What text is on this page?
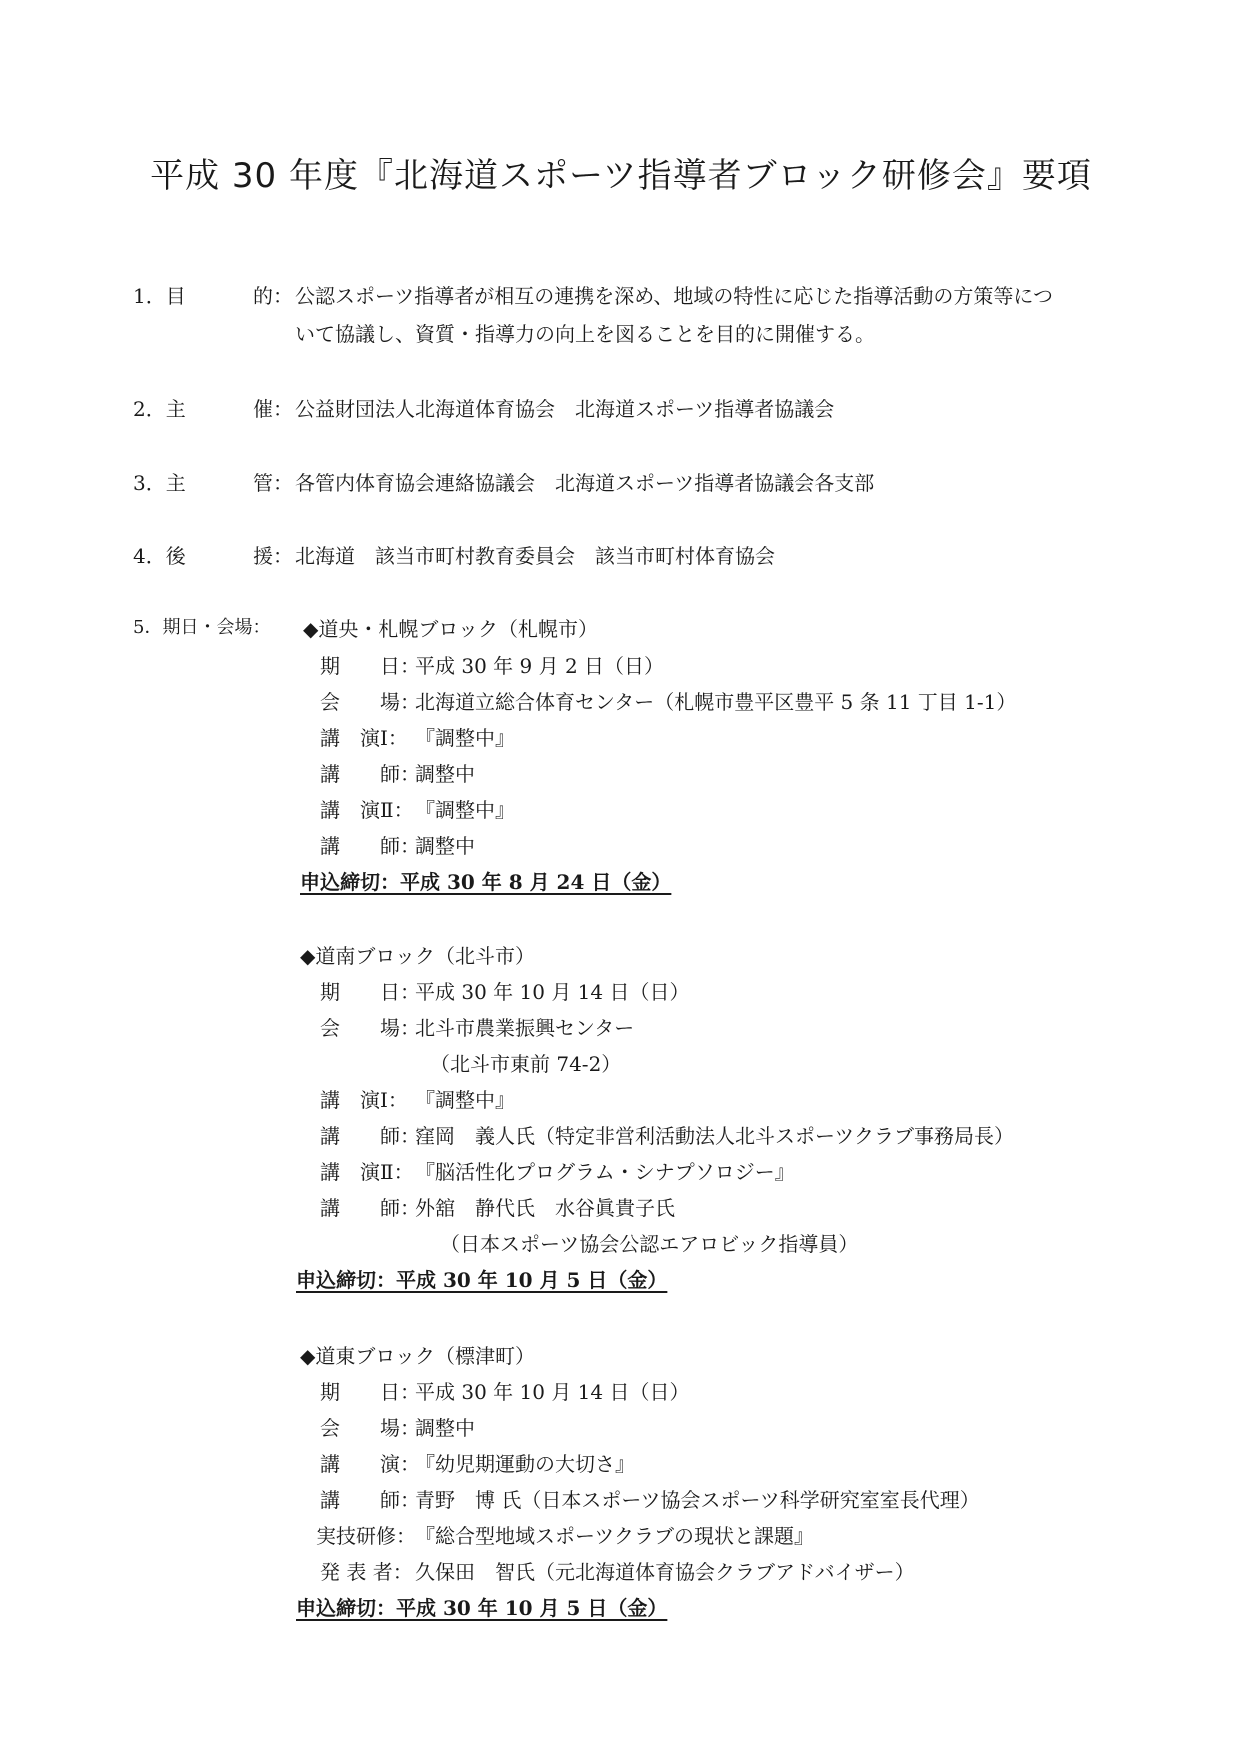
平成 30 年度『北海道スポーツ指導者ブロック研修会』要項
1．目	的： 公認スポーツ指導者が相互の連携を深め、地域の特性に応じた指導活動の方策等につ
いて協議し、資質・指導力の向上を図ることを目的に開催する。
2．主	催： 公益財団法人北海道体育協会　北海道スポーツ指導者協議会
3．主	管： 各管内体育協会連絡協議会　北海道スポーツ指導者協議会各支部
4．後	援： 北海道　該当市町村教育委員会　該当市町村体育協会
5．期日・会場： ◆道央・札幌ブロック（札幌市）
期　　日：
平成 30 年 9 月 2 日（日）
会　　場：
北海道立総合体育センター（札幌市豊平区豊平 5 条 11 丁目 1-1）
講　演Ⅰ： 『調整中』
講　　師：
調整中
講　演Ⅱ： 『調整中』
講　　師：
調整中
申込締切：平成 30 年 8 月 24 日（金）
◆道南ブロック（北斗市）
期　　日：
平成 30 年 10 月 14 日（日）
会　　場：
北斗市農業振興センター
（北斗市東前 74-2）
講　演Ⅰ： 『調整中』
講　　師：
窪岡　義人氏（特定非営利活動法人北斗スポーツクラブ事務局長）
講　演Ⅱ： 『脳活性化プログラム・シナプソロジー』
講　　師：
外舘　静代氏　水谷眞貴子氏
（日本スポーツ協会公認エアロビック指導員）
申込締切：平成 30 年 10 月 5 日（金）
◆道東ブロック（標津町）
期　　日：
平成 30 年 10 月 14 日（日）
会　　場：
調整中
講　　演：
『幼児期運動の大切さ』
講　　師：
青野　博 氏（日本スポーツ協会スポーツ科学研究室室長代理）
実技研修： 『総合型地域スポーツクラブの現状と課題』
発 表 者： 久保田　智氏（元北海道体育協会クラブアドバイザー）
申込締切：平成 30 年 10 月 5 日（金）
